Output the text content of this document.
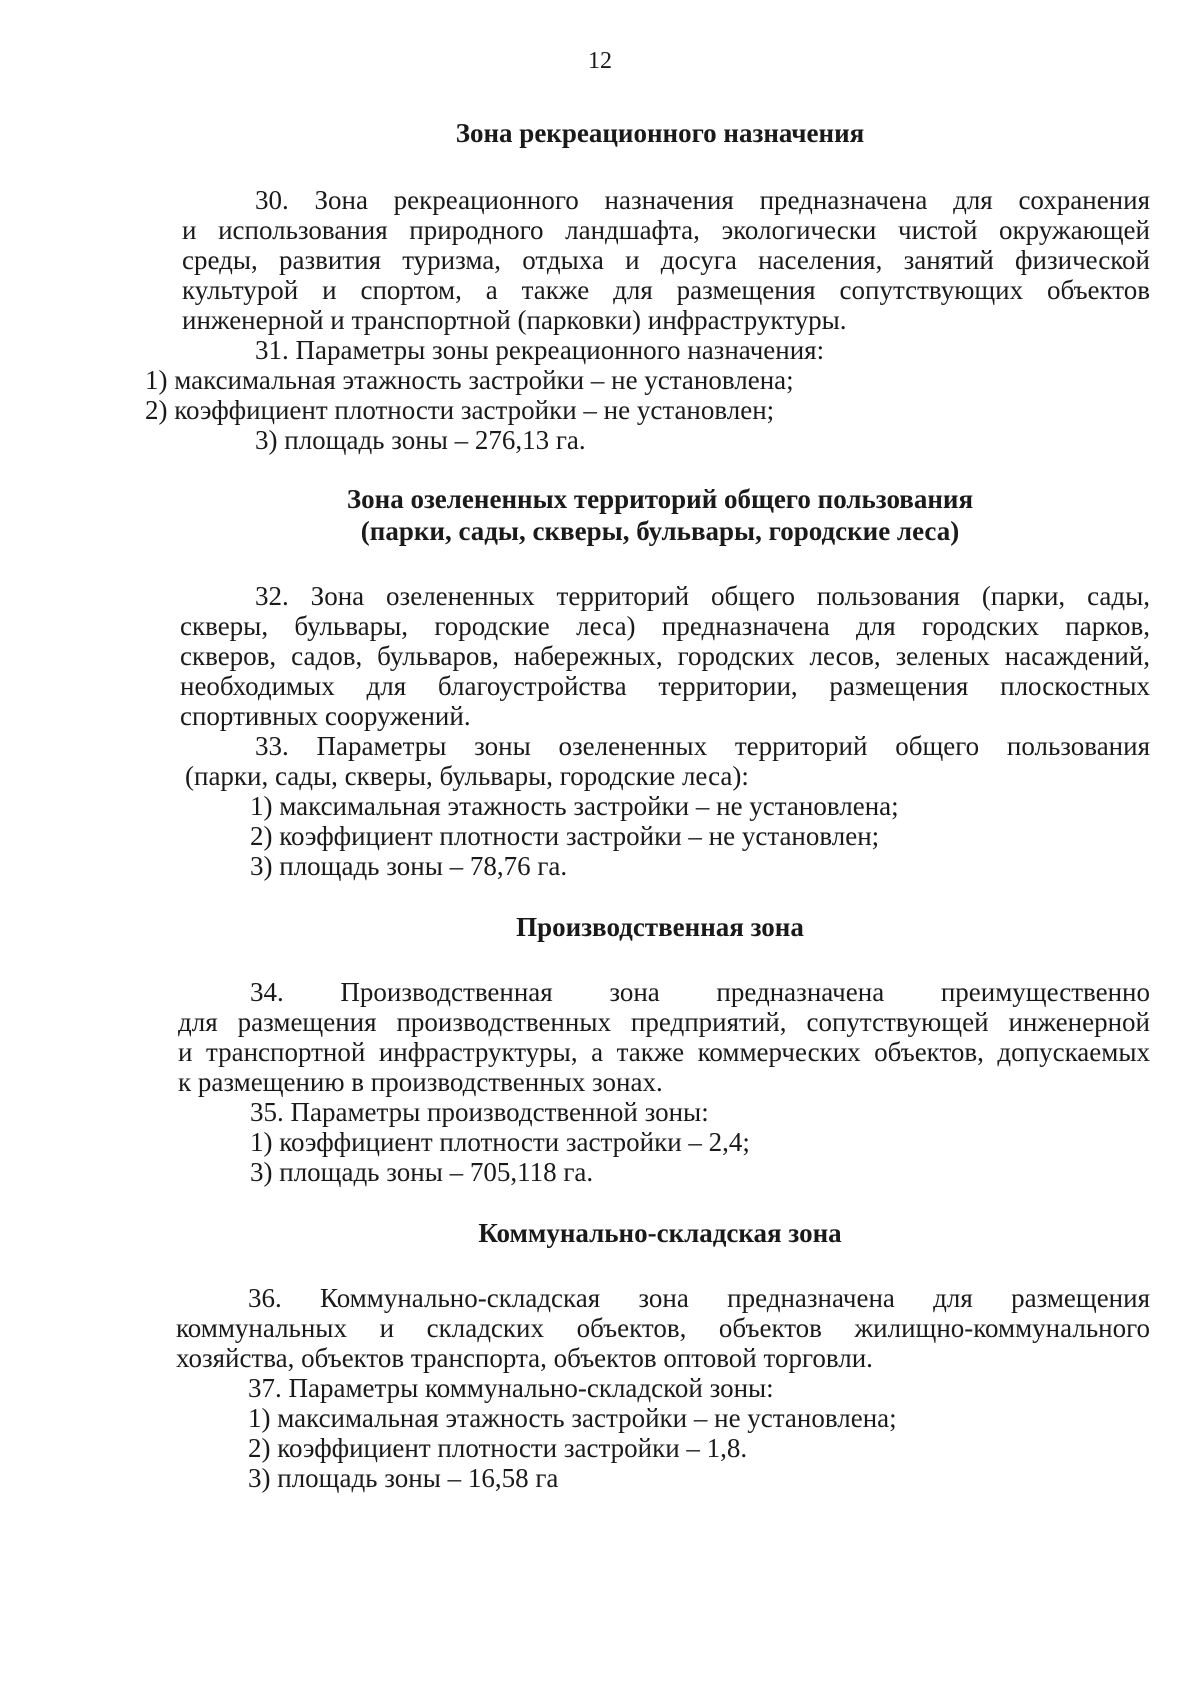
12
Зона рекреационного назначения
30. Зона рекреационного назначения предназначена для сохранения
и использования природного ландшафта, экологически чистой окружающей
среды, развития туризма, отдыха и досуга населения, занятий физической
культурой и спортом, а также для размещения сопутствующих объектов
инженерной и транспортной (парковки) инфраструктуры.
31. Параметры зоны рекреационного назначения:
1) максимальная этажность застройки – не установлена;
2) коэффициент плотности застройки – не установлен;
3) площадь зоны – 276,13 га.
Зона озелененных территорий общего пользования
(парки, сады, скверы, бульвары, городские леса)
32. Зона озелененных территорий общего пользования (парки, сады,
скверы, бульвары, городские леса) предназначена для городских парков,
скверов, садов, бульваров, набережных, городских лесов, зеленых насаждений,
необходимых для благоустройства территории, размещения плоскостных
спортивных сооружений.
33. Параметры зоны озелененных территорий общего пользования
(парки, сады, скверы, бульвары, городские леса):
1) максимальная этажность застройки – не установлена;
2) коэффициент плотности застройки – не установлен;
3) площадь зоны – 78,76 га.
Производственная зона
34. Производственная зона предназначена преимущественно
для размещения производственных предприятий, сопутствующей инженерной
и транспортной инфраструктуры, а также коммерческих объектов, допускаемых
к размещению в производственных зонах.
35. Параметры производственной зоны:
1) коэффициент плотности застройки – 2,4;
3) площадь зоны – 705,118 га.
Коммунально-складская зона
36. Коммунально-складская зона предназначена для размещения
коммунальных и складских объектов, объектов жилищно-коммунального
хозяйства, объектов транспорта, объектов оптовой торговли.
37. Параметры коммунально-складской зоны:
1) максимальная этажность застройки – не установлена;
2) коэффициент плотности застройки – 1,8.
3) площадь зоны – 16,58 га
